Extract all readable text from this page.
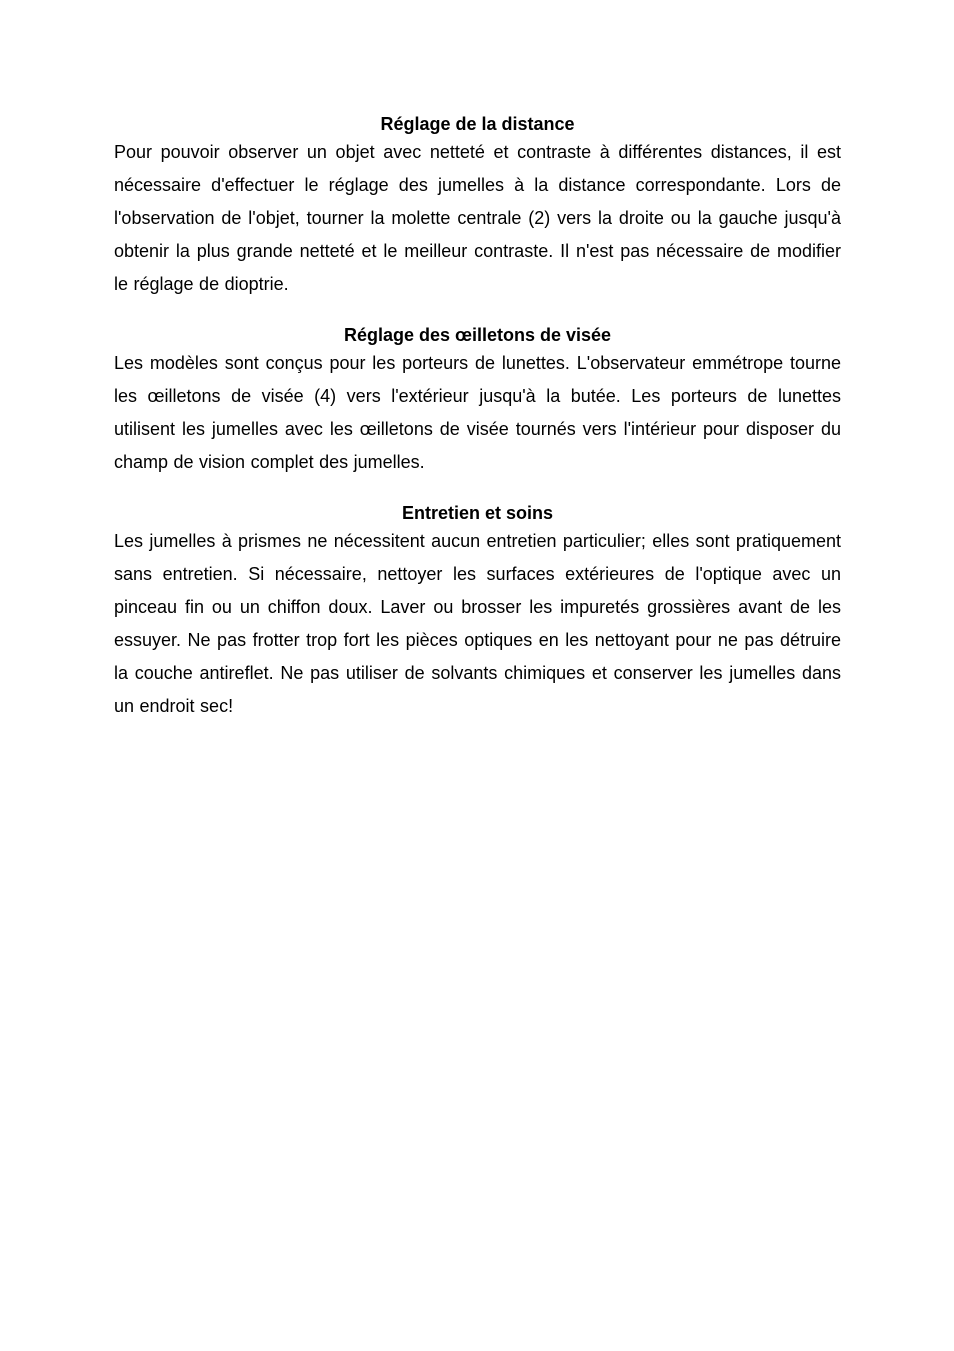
Réglage de la distance

Pour pouvoir observer un objet avec netteté et contraste à différentes distances, il est nécessaire d'effectuer le réglage des jumelles à la distance correspondante. Lors de l'observation de l'objet, tourner la molette centrale (2) vers la droite ou la gauche jusqu'à obtenir la plus grande netteté et le meilleur contraste. Il n'est pas nécessaire de modifier le réglage de dioptrie.

Réglage des œilletons de visée

Les modèles sont conçus pour les porteurs de lunettes. L'observateur emmétrope tourne les œilletons de visée (4) vers l'extérieur jusqu'à la butée. Les porteurs de lunettes utilisent les jumelles avec les œilletons de visée tournés vers l'intérieur pour disposer du champ de vision complet des jumelles.

Entretien et soins

Les jumelles à prismes ne nécessitent aucun entretien particulier; elles sont pratiquement sans entretien. Si nécessaire, nettoyer les surfaces extérieures de l'optique avec un pinceau fin ou un chiffon doux. Laver ou brosser les impuretés grossières avant de les essuyer. Ne pas frotter trop fort les pièces optiques en les nettoyant pour ne pas détruire la couche antireflet. Ne pas utiliser de solvants chimiques et conserver les jumelles dans un endroit sec!
